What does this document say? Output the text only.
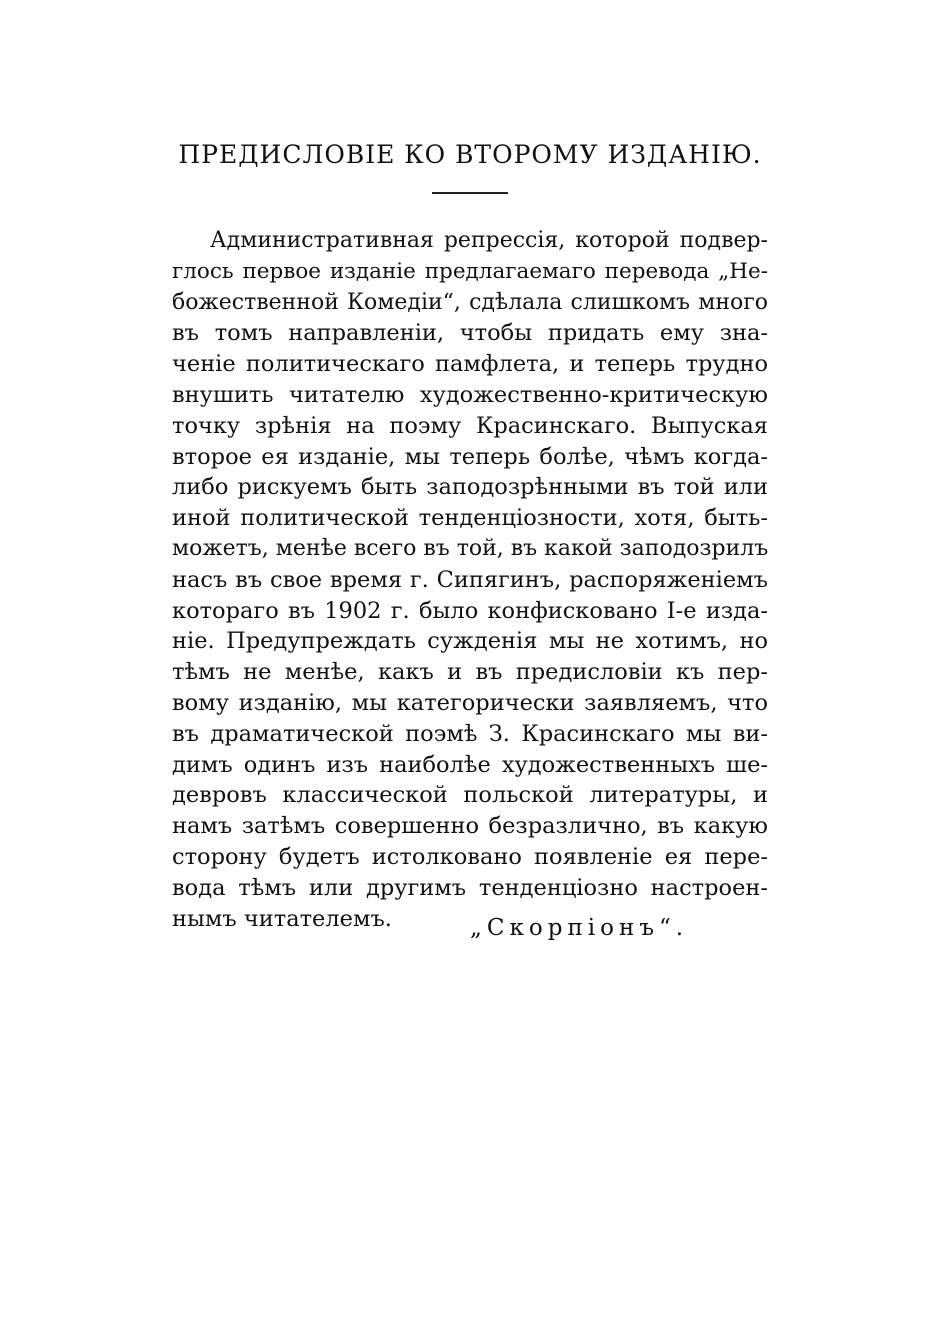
ПРЕДИСЛОВІЕ КО ВТОРОМУ ИЗДАНІЮ.
Административная репрессія, которой подвер-
глось первое изданіе предлагаемаго перевода „Не-
божественной Комедіи“, сдѣлала слишкомъ много
въ томъ направленіи, чтобы придать ему зна-
ченіе политическаго памфлета, и теперь трудно
внушить читателю художественно-критическую
точку зрѣнія на поэму Красинскаго. Выпуская
второе ея изданіе, мы теперь болѣе, чѣмъ когда-
либо рискуемъ быть заподозрѣнными въ той или
иной политической тенденціозности, хотя, быть-
можетъ, менѣе всего въ той, въ какой заподозрилъ
насъ въ свое время г. Сипягинъ, распоряженіемъ
котораго въ 1902 г. было конфисковано I-е изда-
ніе. Предупреждать сужденія мы не хотимъ, но
тѣмъ не менѣе, какъ и въ предисловіи къ пер-
вому изданію, мы категорически заявляемъ, что
въ драматической поэмѣ З. Красинскаго мы ви-
димъ одинъ изъ наиболѣе художественныхъ ше-
девровъ классической польской литературы, и
намъ затѣмъ совершенно безразлично, въ какую
сторону будетъ истолковано появленіе ея пере-
вода тѣмъ или другимъ тенденціозно настроен-
нымъ читателемъ.	„Скорпіонъ“.
